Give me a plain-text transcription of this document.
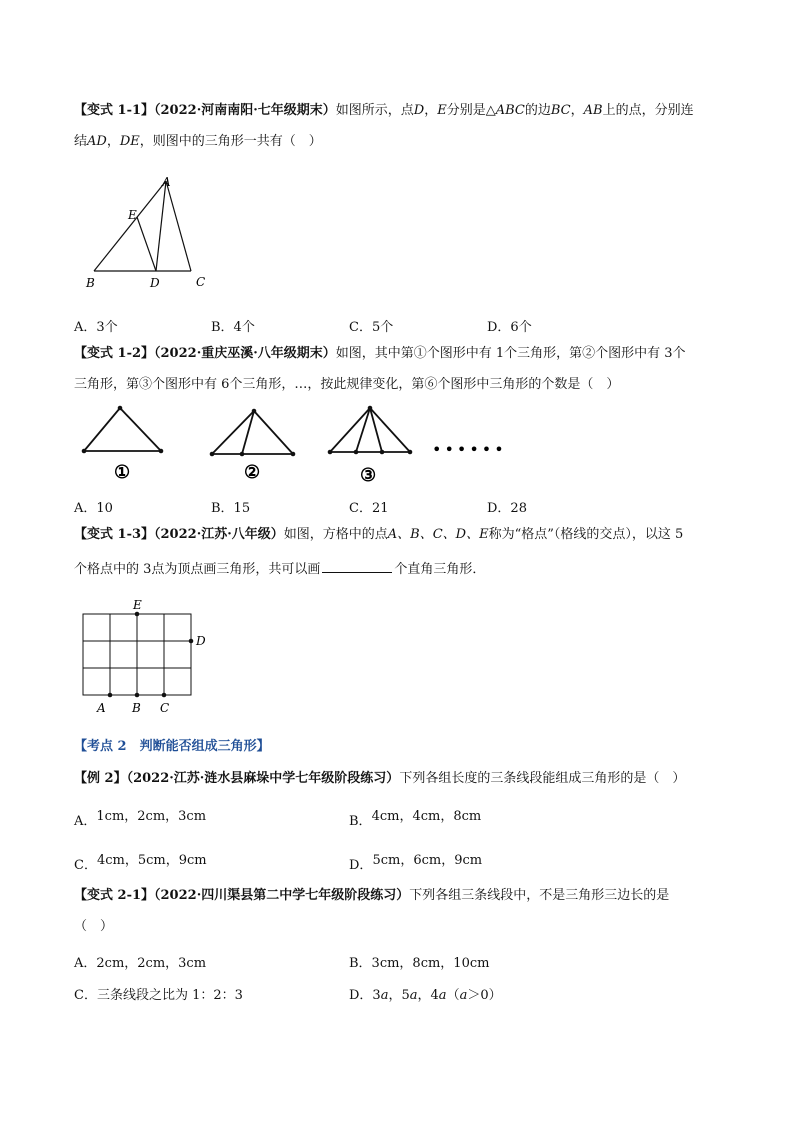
【变式 1-1】（2022·河南南阳·七年级期末）如图所示，点D，E分别是△ABC的边BC，AB上的点，分别连
结AD，DE，则图中的三角形一共有（　）
A
E
B	D	C
A．3个	B．4个	C．5个	D．6个
【变式 1-2】（2022·重庆巫溪·八年级期末）如图，其中第①个图形中有 1个三角形，第②个图形中有 3个
三角形，第③个图形中有 6个三角形，…，按此规律变化，第⑥个图形中三角形的个数是（　）
①	②	③
••••••
A．10	B．15	C．21	D．28
【变式 1-3】（2022·江苏·八年级）如图，方格中的点A、B、C、D、E称为“格点”（格线的交点），以这 5
个格点中的 3点为顶点画三角形，共可以画	个直角三角形．
E
D
A B C
【考点 2　判断能否组成三角形】
【例 2】（2022·江苏·涟水县麻垛中学七年级阶段练习）下列各组长度的三条线段能组成三角形的是（　）
A．1cm，2cm，3cm	B．4cm，4cm，8cm
C．4cm，5cm，9cm	D．5cm，6cm，9cm
【变式 2-1】（2022·四川渠县第二中学七年级阶段练习）下列各组三条线段中，不是三角形三边长的是
（　）
A．2cm，2cm，3cm	B．3cm，8cm，10cm
C．三条线段之比为 1：2：3	D．3a，5a，4a（a＞0）
